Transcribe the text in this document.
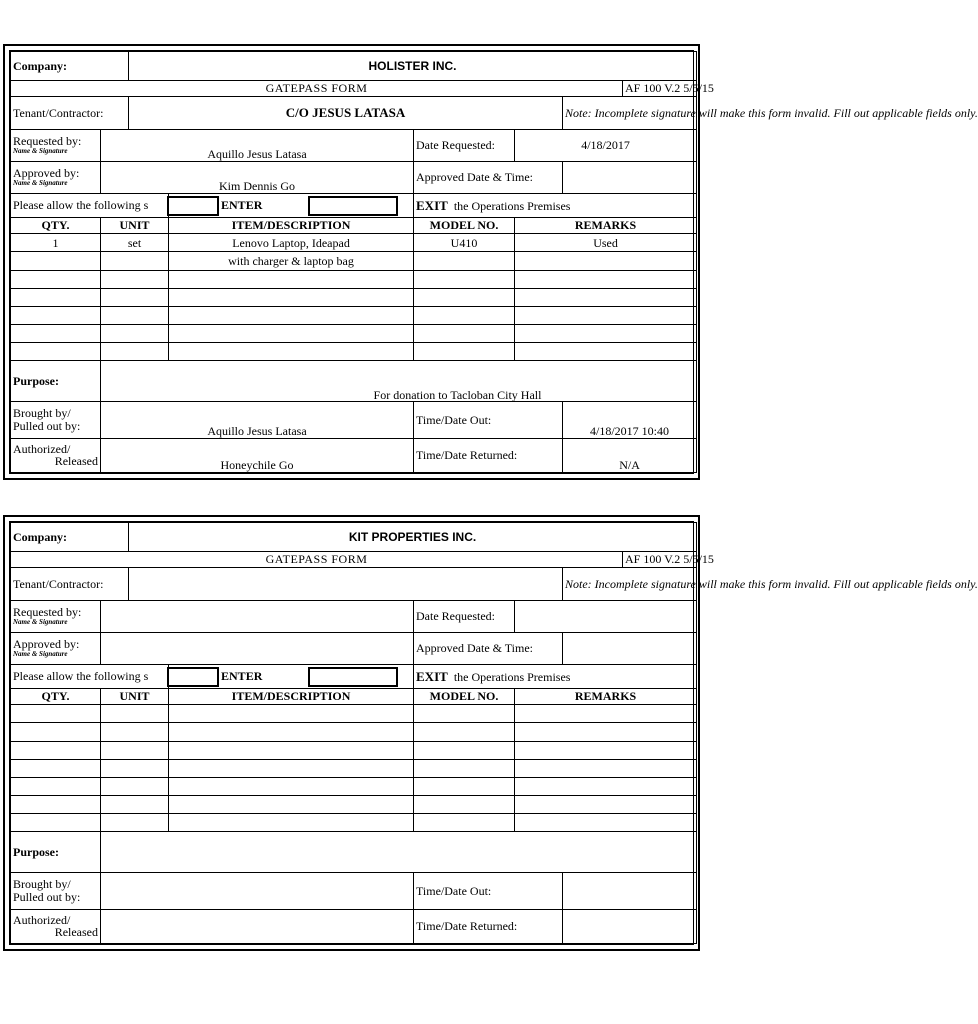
Company:		HOLISTER INC.					
GATEPASS FORM							AF 100 V.2 5/5/15
Tenant/Contractor:		C/O JESUS LATASA				Note: Incomplete signature will make this form invalid. Fill out applicable fields only.	
Requested by:
Name & Signature	Aquillo Jesus Latasa			Date Requested:	4/18/2017		
Approved by:
Name & Signature	Kim Dennis Go			Approved Date & Time:			
Please allow the following s			ENTER	EXIT the Operations Premises			
QTY.	UNIT		ITEM/DESCRIPTION	MODEL NO.	REMARKS		
1	set		Lenovo Laptop, Ideapad	U410	Used		
			with charger & laptop bag				

Purpose:	For donation to Tacloban City Hall						
Brought by/
Pulled out by:	Aquillo Jesus Latasa			Time/Date Out:		4/18/2017 10:40	
Authorized/

Released	Honeychile Go			Time/Date Returned:		N/A	
Company:		KIT PROPERTIES INC.					
GATEPASS FORM							AF 100 V.2 5/5/15
Tenant/Contractor:						Note: Incomplete signature will make this form invalid. Fill out applicable fields only.	
Requested by:
Name & Signature				Date Requested:			
Approved by:
Name & Signature				Approved Date & Time:			
Please allow the following s			ENTER	EXIT the Operations Premises			
QTY.	UNIT		ITEM/DESCRIPTION	MODEL NO.	REMARKS		

Purpose:							
Brought by/
Pulled out by:				Time/Date Out:			
Authorized/

Released				Time/Date Returned:			
